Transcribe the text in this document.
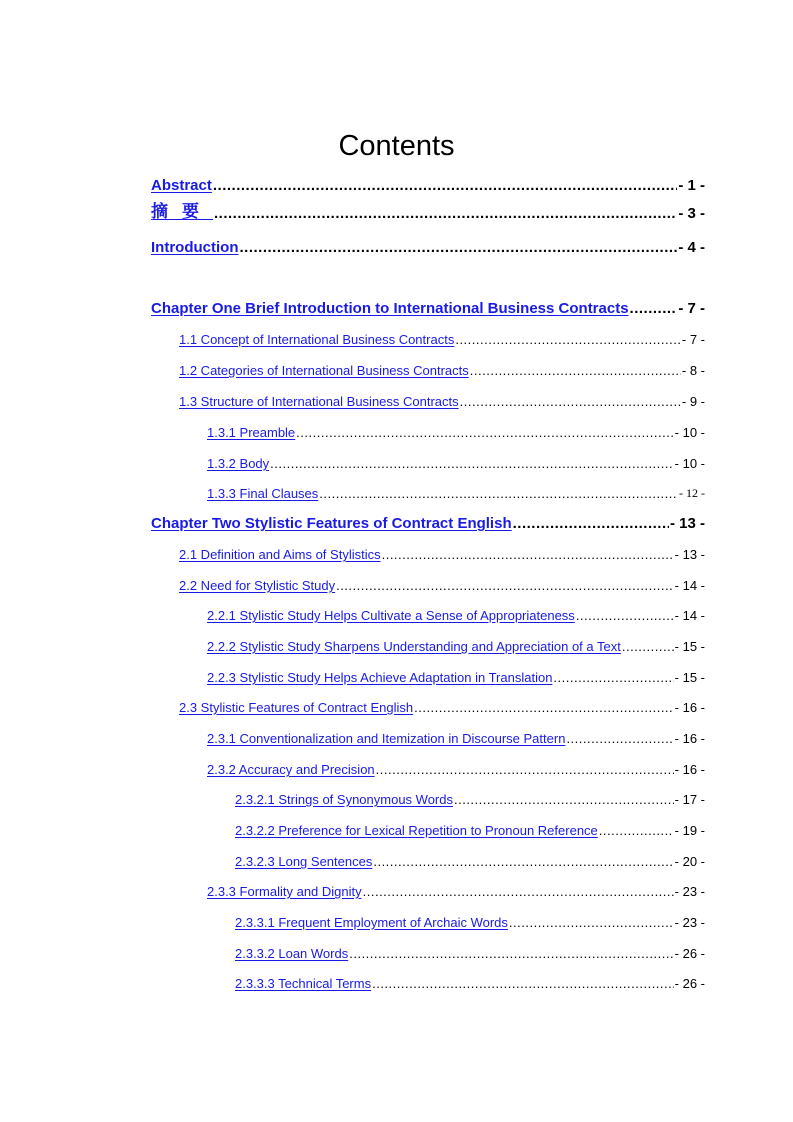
Contents
Abstract .....	- 1 -
摘要 .....	- 3 -
Introduction .....	- 4 -
Chapter One Brief Introduction to International Business Contracts .....	- 7 -
1.1 Concept of International Business Contracts .....	- 7 -
1.2 Categories of International Business Contracts .....	- 8 -
1.3 Structure of International Business Contracts .....	- 9 -
1.3.1 Preamble .....	- 10 -
1.3.2 Body .....	- 10 -
1.3.3 Final Clauses .....	- 12 -
Chapter Two Stylistic Features of Contract English .....	- 13 -
2.1 Definition and Aims of Stylistics .....	- 13 -
2.2 Need for Stylistic Study .....	- 14 -
2.2.1 Stylistic Study Helps Cultivate a Sense of Appropriateness .....	- 14 -
2.2.2 Stylistic Study Sharpens Understanding and Appreciation of a Text .....	- 15 -
2.2.3 Stylistic Study Helps Achieve Adaptation in Translation .....	- 15 -
2.3 Stylistic Features of Contract English .....	- 16 -
2.3.1 Conventionalization and Itemization in Discourse Pattern .....	- 16 -
2.3.2 Accuracy and Precision .....	- 16 -
2.3.2.1 Strings of Synonymous Words .....	- 17 -
2.3.2.2 Preference for Lexical Repetition to Pronoun Reference .....	- 19 -
2.3.2.3 Long Sentences .....	- 20 -
2.3.3 Formality and Dignity .....	- 23 -
2.3.3.1 Frequent Employment of Archaic Words .....	- 23 -
2.3.3.2 Loan Words .....	- 26 -
2.3.3.3 Technical Terms .....	- 26 -
